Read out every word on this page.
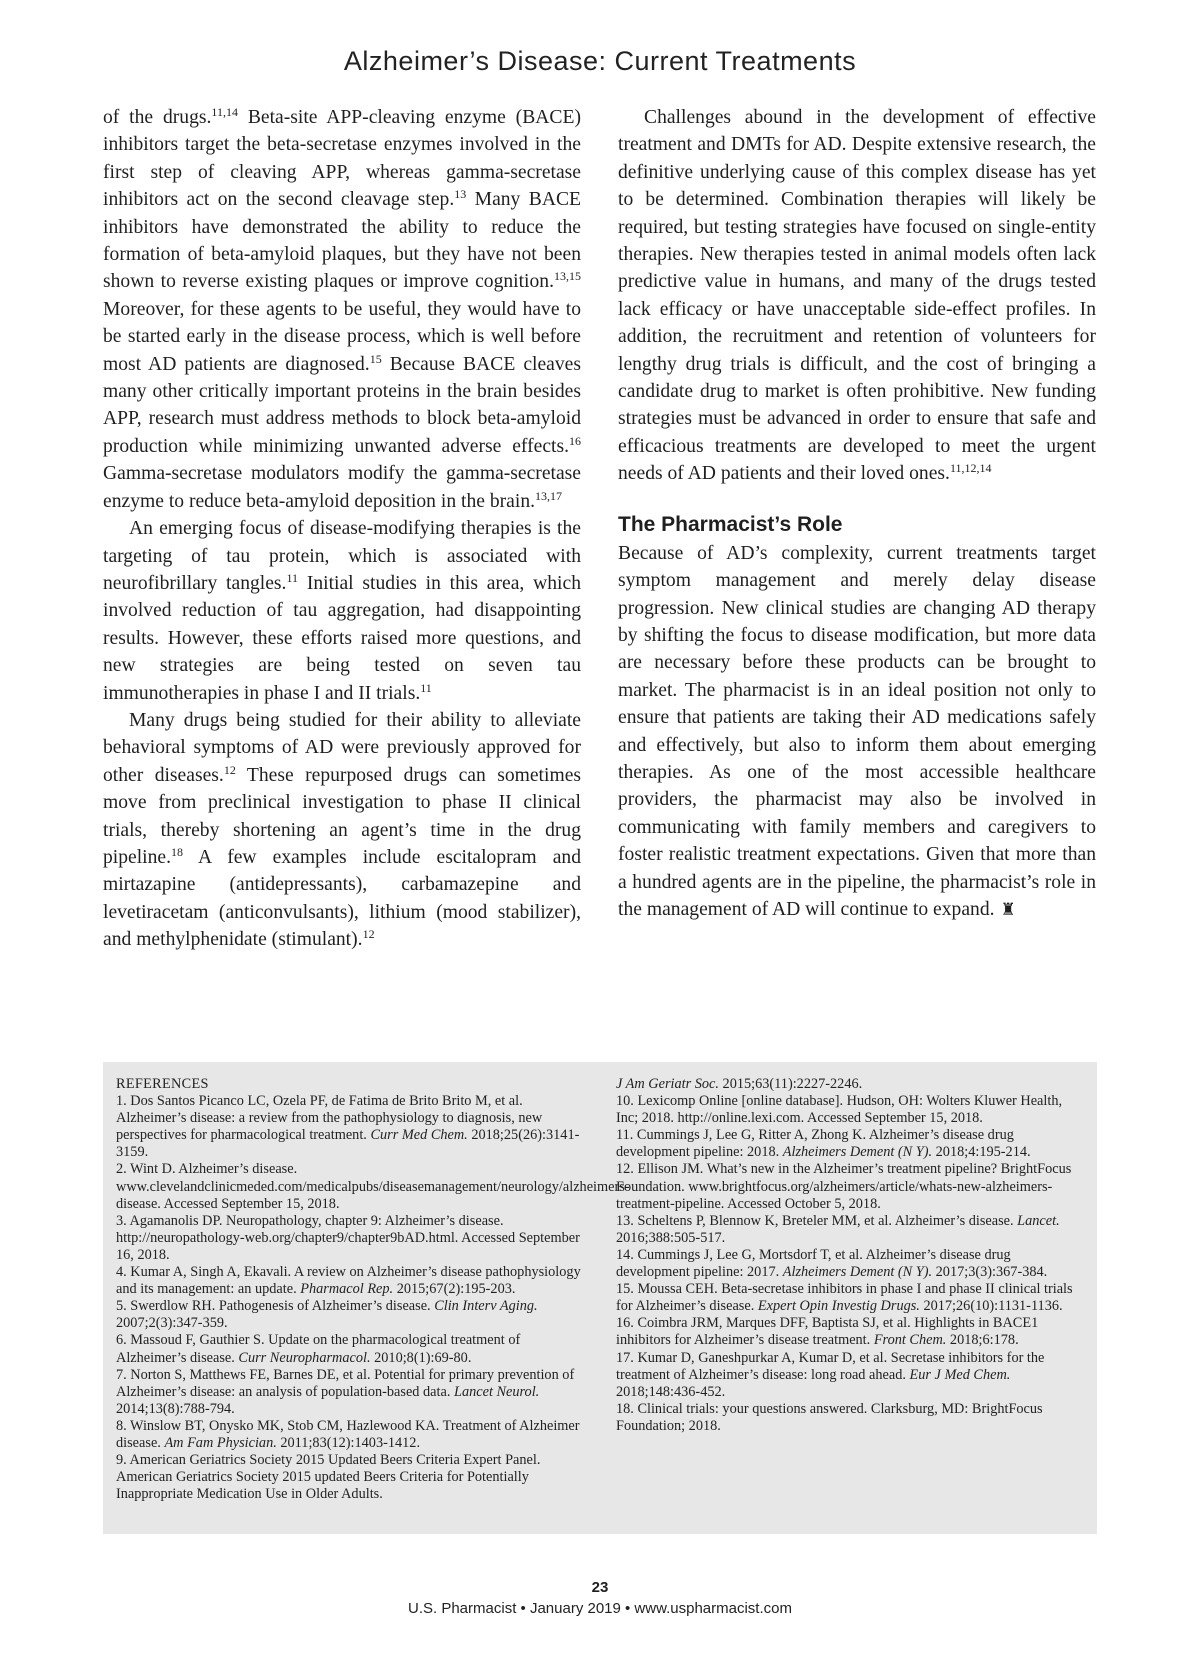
Alzheimer’s Disease: Current Treatments

of the drugs.$^{11,14}$ Beta-site APP-cleaving enzyme (BACE) inhibitors target the beta-secretase enzymes involved in the first step of cleaving APP, whereas gamma-secretase inhibitors act on the second cleavage step.$^{13}$ Many BACE inhibitors have demonstrated the ability to reduce the formation of beta-amyloid plaques, but they have not been shown to reverse existing plaques or improve cognition.$^{13,15}$ Moreover, for these agents to be useful, they would have to be started early in the disease process, which is well before most AD patients are diagnosed.$^{15}$ Because BACE cleaves many other critically important proteins in the brain besides APP, research must address methods to block beta-amyloid production while minimizing unwanted adverse effects.$^{16}$ Gamma-secretase modulators modify the gamma-secretase enzyme to reduce beta-amyloid deposition in the brain.$^{13,17}$

An emerging focus of disease-modifying therapies is the targeting of tau protein, which is associated with neurofibrillary tangles.$^{11}$ Initial studies in this area, which involved reduction of tau aggregation, had disappointing results. However, these efforts raised more questions, and new strategies are being tested on seven tau immunotherapies in phase I and II trials.$^{11}$

Many drugs being studied for their ability to alleviate behavioral symptoms of AD were previously approved for other diseases.$^{12}$ These repurposed drugs can sometimes move from preclinical investigation to phase II clinical trials, thereby shortening an agent’s time in the drug pipeline.$^{18}$ A few examples include escitalopram and mirtazapine (antidepressants), carbamazepine and levetiracetam (anticonvulsants), lithium (mood stabilizer), and methylphenidate (stimulant).$^{12}$

Challenges abound in the development of effective treatment and DMTs for AD. Despite extensive research, the definitive underlying cause of this complex disease has yet to be determined. Combination therapies will likely be required, but testing strategies have focused on single-entity therapies. New therapies tested in animal models often lack predictive value in humans, and many of the drugs tested lack efficacy or have unacceptable side-effect profiles. In addition, the recruitment and retention of volunteers for lengthy drug trials is difficult, and the cost of bringing a candidate drug to market is often prohibitive. New funding strategies must be advanced in order to ensure that safe and efficacious treatments are developed to meet the urgent needs of AD patients and their loved ones.$^{11,12,14}$

The Pharmacist’s Role

Because of AD’s complexity, current treatments target symptom management and merely delay disease progression. New clinical studies are changing AD therapy by shifting the focus to disease modification, but more data are necessary before these products can be brought to market. The pharmacist is in an ideal position not only to ensure that patients are taking their AD medications safely and effectively, but also to inform them about emerging therapies. As one of the most accessible healthcare providers, the pharmacist may also be involved in communicating with family members and caregivers to foster realistic treatment expectations. Given that more than a hundred agents are in the pipeline, the pharmacist’s role in the management of AD will continue to expand. ♜

REFERENCES

1. Dos Santos Picanco LC, Ozela PF, de Fatima de Brito Brito M, et al. Alzheimer’s disease: a review from the pathophysiology to diagnosis, new perspectives for pharmacological treatment. Curr Med Chem. 2018;25(26):3141-3159.

2. Wint D. Alzheimer’s disease. www.clevelandclinicmeded.com/medicalpubs/diseasemanagement/neurology/alzheimers-disease. Accessed September 15, 2018.

3. Agamanolis DP. Neuropathology, chapter 9: Alzheimer’s disease. http://neuropathology-web.org/chapter9/chapter9bAD.html. Accessed September 16, 2018.

4. Kumar A, Singh A, Ekavali. A review on Alzheimer’s disease pathophysiology and its management: an update. Pharmacol Rep. 2015;67(2):195-203.

5. Swerdlow RH. Pathogenesis of Alzheimer’s disease. Clin Interv Aging. 2007;2(3):347-359.

6. Massoud F, Gauthier S. Update on the pharmacological treatment of Alzheimer’s disease. Curr Neuropharmacol. 2010;8(1):69-80.

7. Norton S, Matthews FE, Barnes DE, et al. Potential for primary prevention of Alzheimer’s disease: an analysis of population-based data. Lancet Neurol. 2014;13(8):788-794.

8. Winslow BT, Onysko MK, Stob CM, Hazlewood KA. Treatment of Alzheimer disease. Am Fam Physician. 2011;83(12):1403-1412.

9. American Geriatrics Society 2015 Updated Beers Criteria Expert Panel. American Geriatrics Society 2015 updated Beers Criteria for Potentially Inappropriate Medication Use in Older Adults.

J Am Geriatr Soc. 2015;63(11):2227-2246.

10. Lexicomp Online [online database]. Hudson, OH: Wolters Kluwer Health, Inc; 2018. http://online.lexi.com. Accessed September 15, 2018.

11. Cummings J, Lee G, Ritter A, Zhong K. Alzheimer’s disease drug development pipeline: 2018. Alzheimers Dement (N Y). 2018;4:195-214.

12. Ellison JM. What’s new in the Alzheimer’s treatment pipeline? BrightFocus Foundation. www.brightfocus.org/alzheimers/article/whats-new-alzheimers-treatment-pipeline. Accessed October 5, 2018.

13. Scheltens P, Blennow K, Breteler MM, et al. Alzheimer’s disease. Lancet. 2016;388:505-517.

14. Cummings J, Lee G, Mortsdorf T, et al. Alzheimer’s disease drug development pipeline: 2017. Alzheimers Dement (N Y). 2017;3(3):367-384.

15. Moussa CEH. Beta-secretase inhibitors in phase I and phase II clinical trials for Alzheimer’s disease. Expert Opin Investig Drugs. 2017;26(10):1131-1136.

16. Coimbra JRM, Marques DFF, Baptista SJ, et al. Highlights in BACE1 inhibitors for Alzheimer’s disease treatment. Front Chem. 2018;6:178.

17. Kumar D, Ganeshpurkar A, Kumar D, et al. Secretase inhibitors for the treatment of Alzheimer’s disease: long road ahead. Eur J Med Chem. 2018;148:436-452.

18. Clinical trials: your questions answered. Clarksburg, MD: BrightFocus Foundation; 2018.

23
U.S. Pharmacist • January 2019 • www.uspharmacist.com
